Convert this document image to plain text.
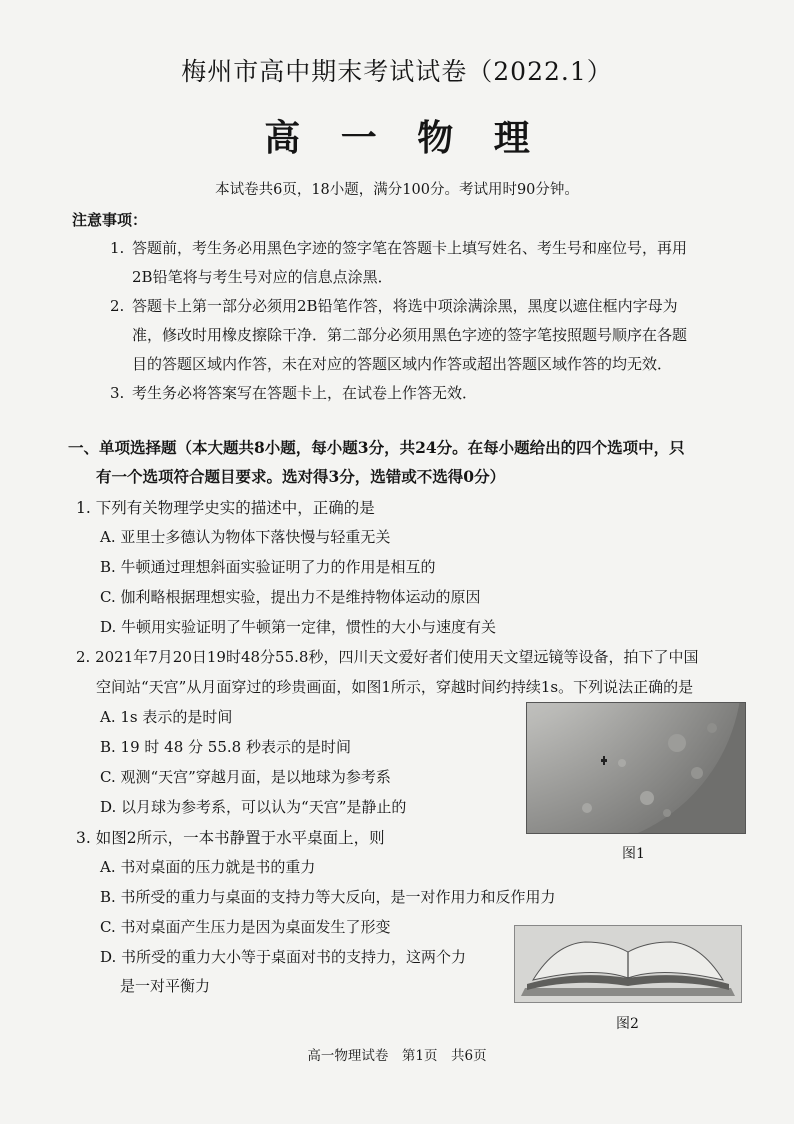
梅州市高中期末考试试卷（2022.1）
高 一 物 理
本试卷共6页，18小题，满分100分。考试用时90分钟。
注意事项：
1. 答题前，考生务必用黑色字迹的签字笔在答题卡上填写姓名、考生号和座位号，再用
2B铅笔将与考生号对应的信息点涂黑．
2. 答题卡上第一部分必须用2B铅笔作答，将选中项涂满涂黑，黑度以遮住框内字母为
准，修改时用橡皮擦除干净．第二部分必须用黑色字迹的签字笔按照题号顺序在各题
目的答题区域内作答，未在对应的答题区域内作答或超出答题区域作答的均无效．
3. 考生务必将答案写在答题卡上，在试卷上作答无效．
一、单项选择题（本大题共8小题，每小题3分，共24分。在每小题给出的四个选项中，只
有一个选项符合题目要求。选对得3分，选错或不选得0分）
1. 下列有关物理学史实的描述中，正确的是
A. 亚里士多德认为物体下落快慢与轻重无关
B. 牛顿通过理想斜面实验证明了力的作用是相互的
C. 伽利略根据理想实验，提出力不是维持物体运动的原因
D. 牛顿用实验证明了牛顿第一定律，惯性的大小与速度有关
2. 2021年7月20日19时48分55.8秒，四川天文爱好者们使用天文望远镜等设备，拍下了中国
空间站“天宫”从月面穿过的珍贵画面，如图1所示，穿越时间约持续1s。下列说法正确的是
A. 1s 表示的是时间
B. 19 时 48 分 55.8 秒表示的是时间
C. 观测“天宫”穿越月面，是以地球为参考系
D. 以月球为参考系，可以认为“天宫”是静止的
图1
3. 如图2所示，一本书静置于水平桌面上，则
A. 书对桌面的压力就是书的重力
B. 书所受的重力与桌面的支持力等大反向，是一对作用力和反作用力
C. 书对桌面产生压力是因为桌面发生了形变
D. 书所受的重力大小等于桌面对书的支持力，这两个力
是一对平衡力
图2
高一物理试卷　第1页　共6页
